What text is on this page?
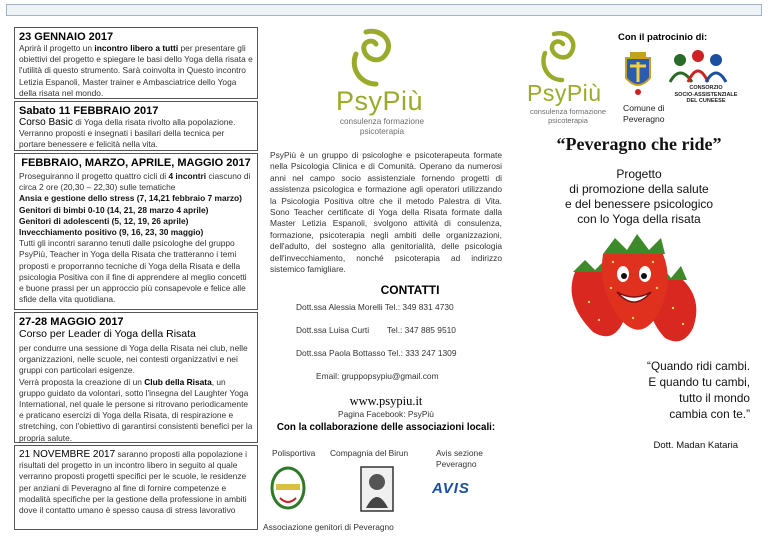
23 GENNAIO 2017

Aprirà il progetto un incontro libero a tutti per presentare gli obiettivi del progetto e spiegare le basi dello Yoga della risata e l'utilità di questo strumento. Sarà coinvolta in Questo incontro Letizia Espanoli, Master trainer e Ambasciatrice dello Yoga della risata nel mondo.

Sabato 11 FEBBRAIO 2017

Corso Basic di Yoga della risata rivolto alla popolazione.
Verranno proposti e insegnati i basilari della tecnica per portare benessere e felicità nella vita.

FEBBRAIO, MARZO, APRILE, MAGGIO 2017

Proseguiranno il progetto quattro cicli di 4 incontri ciascuno di circa 2 ore (20,30 – 22,30) sulle tematiche

Ansia e gestione dello stress (7, 14,21 febbraio 7 marzo)

Genitori di bimbi 0-10 (14, 21, 28 marzo 4 aprile)

Genitori di adolescenti (5, 12, 19, 26 aprile)

Invecchiamento positivo (9, 16, 23, 30 maggio)

Tutti gli incontri saranno tenuti dalle psicologhe del gruppo PsyPiù, Teacher in Yoga della Risata che tratteranno i temi proposti e proporranno tecniche di Yoga della Risata e della psicologia Positiva con il fine di apprendere al meglio concetti e buone prassi per un approccio più consapevole e felice alle sfide della vita quotidiana.

27-28 MAGGIO 2017
Corso per Leader di Yoga della Risata

per condurre una sessione di Yoga della Risata nei club, nelle organizzazioni, nelle scuole, nei contesti organizzativi e nei gruppi con particolari esigenze.

Verrà proposta la creazione di un Club della Risata, un gruppo guidato da volontari, sotto l'insegna del Laughter Yoga International, nel quale le persone si ritrovano periodicamente e praticano esercizi di Yoga della Risata, di respirazione e stretching, con l'obiettivo di garantirsi consistenti benefici per la propria salute.

21 NOVEMBRE 2017 saranno proposti alla popolazione i risultati del progetto in un incontro libero in seguito al quale verranno proposti progetti specifici per le scuole, le residenze per anziani di Peveragno al fine di fornire competenze e modalità specifiche per la gestione della professione in ambiti dove il contatto umano è spesso causa di stress lavorativo

PsyPiù
consulenza formazione psicoterapia
PsyPiù è un gruppo di psicologhe e psicoterapeuta formate nella Psicologia Clinica e di Comunità. Operano da numerosi anni nel campo socio assistenziale fornendo progetti di assistenza psicologica e formazione agli operatori utilizzando la Psicologia Positiva oltre che il metodo Palestra di Vita. Sono Teacher certificate di Yoga della Risata formate dalla Master Letizia Espanoli, svolgono attività di consulenza, formazione, psicoterapia negli ambiti delle organizzazioni, dell'adulto, del sostegno alla genitorialità, delle psicologia dell'invecchiamento, nonché psicoterapia ad indirizzo sistemico famigliare.
CONTATTI
Dott.ssa Alessia Morelli Tel.: 349 831 4730
Dott.ssa Luisa Curti Tel.: 347 885 9510
Dott.ssa Paola Bottasso Tel.: 333 247 1309
Email: gruppopsypiu@gmail.com
www.psypiu.it
Pagina Facebook: PsyPiù
Con la collaborazione delle associazioni locali:
Polisportiva Compagnia del Birun	Avis sezione
Peveragno
Associazione genitori di Peveragno
AVIS
Con il patrocinio di:
PsyPiù
consulenza formazione psicoterapia
CONSORZIO
SOCIO-ASSISTENZIALE
DEL CUNEESE
Comune di
Peveragno
“Peveragno che ride”
Progetto
di promozione della salute
e del benessere psicologico
con lo Yoga della risata
“Quando ridi cambi.
E quando tu cambi,
tutto il mondo
cambia con te.”
Dott. Madan Kataria
